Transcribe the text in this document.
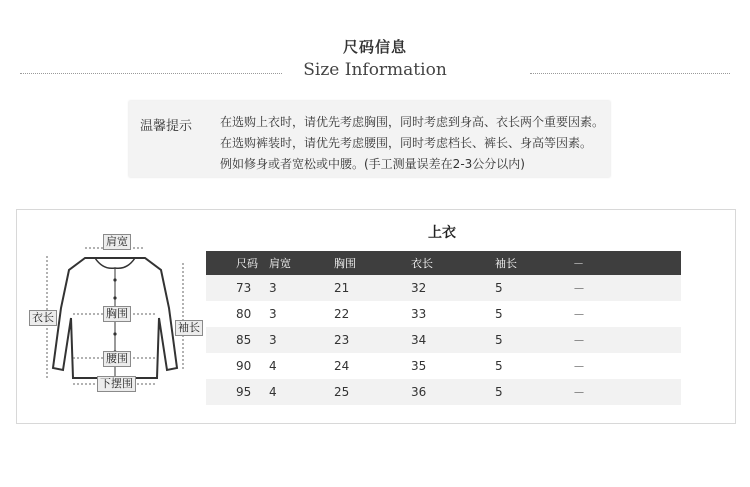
尺码信息
Size Information
温馨提示 在选购上衣时，请优先考虑胸围，同时考虑到身高、衣长两个重要因素。
在选购裤装时，请优先考虑腰围，同时考虑档长、裤长、身高等因素。
例如修身或者宽松或中腰。(手工测量误差在2-3公分以内)
肩宽
衣长	胸围
袖长
腰围
下摆围
上衣
尺码	肩宽	胸围	衣长	袖长	－
73	3	21	32	5	－
80	3	22	33	5	－
85	3	23	34	5	－
90	4	24	35	5	－
95	4	25	36	5	－
